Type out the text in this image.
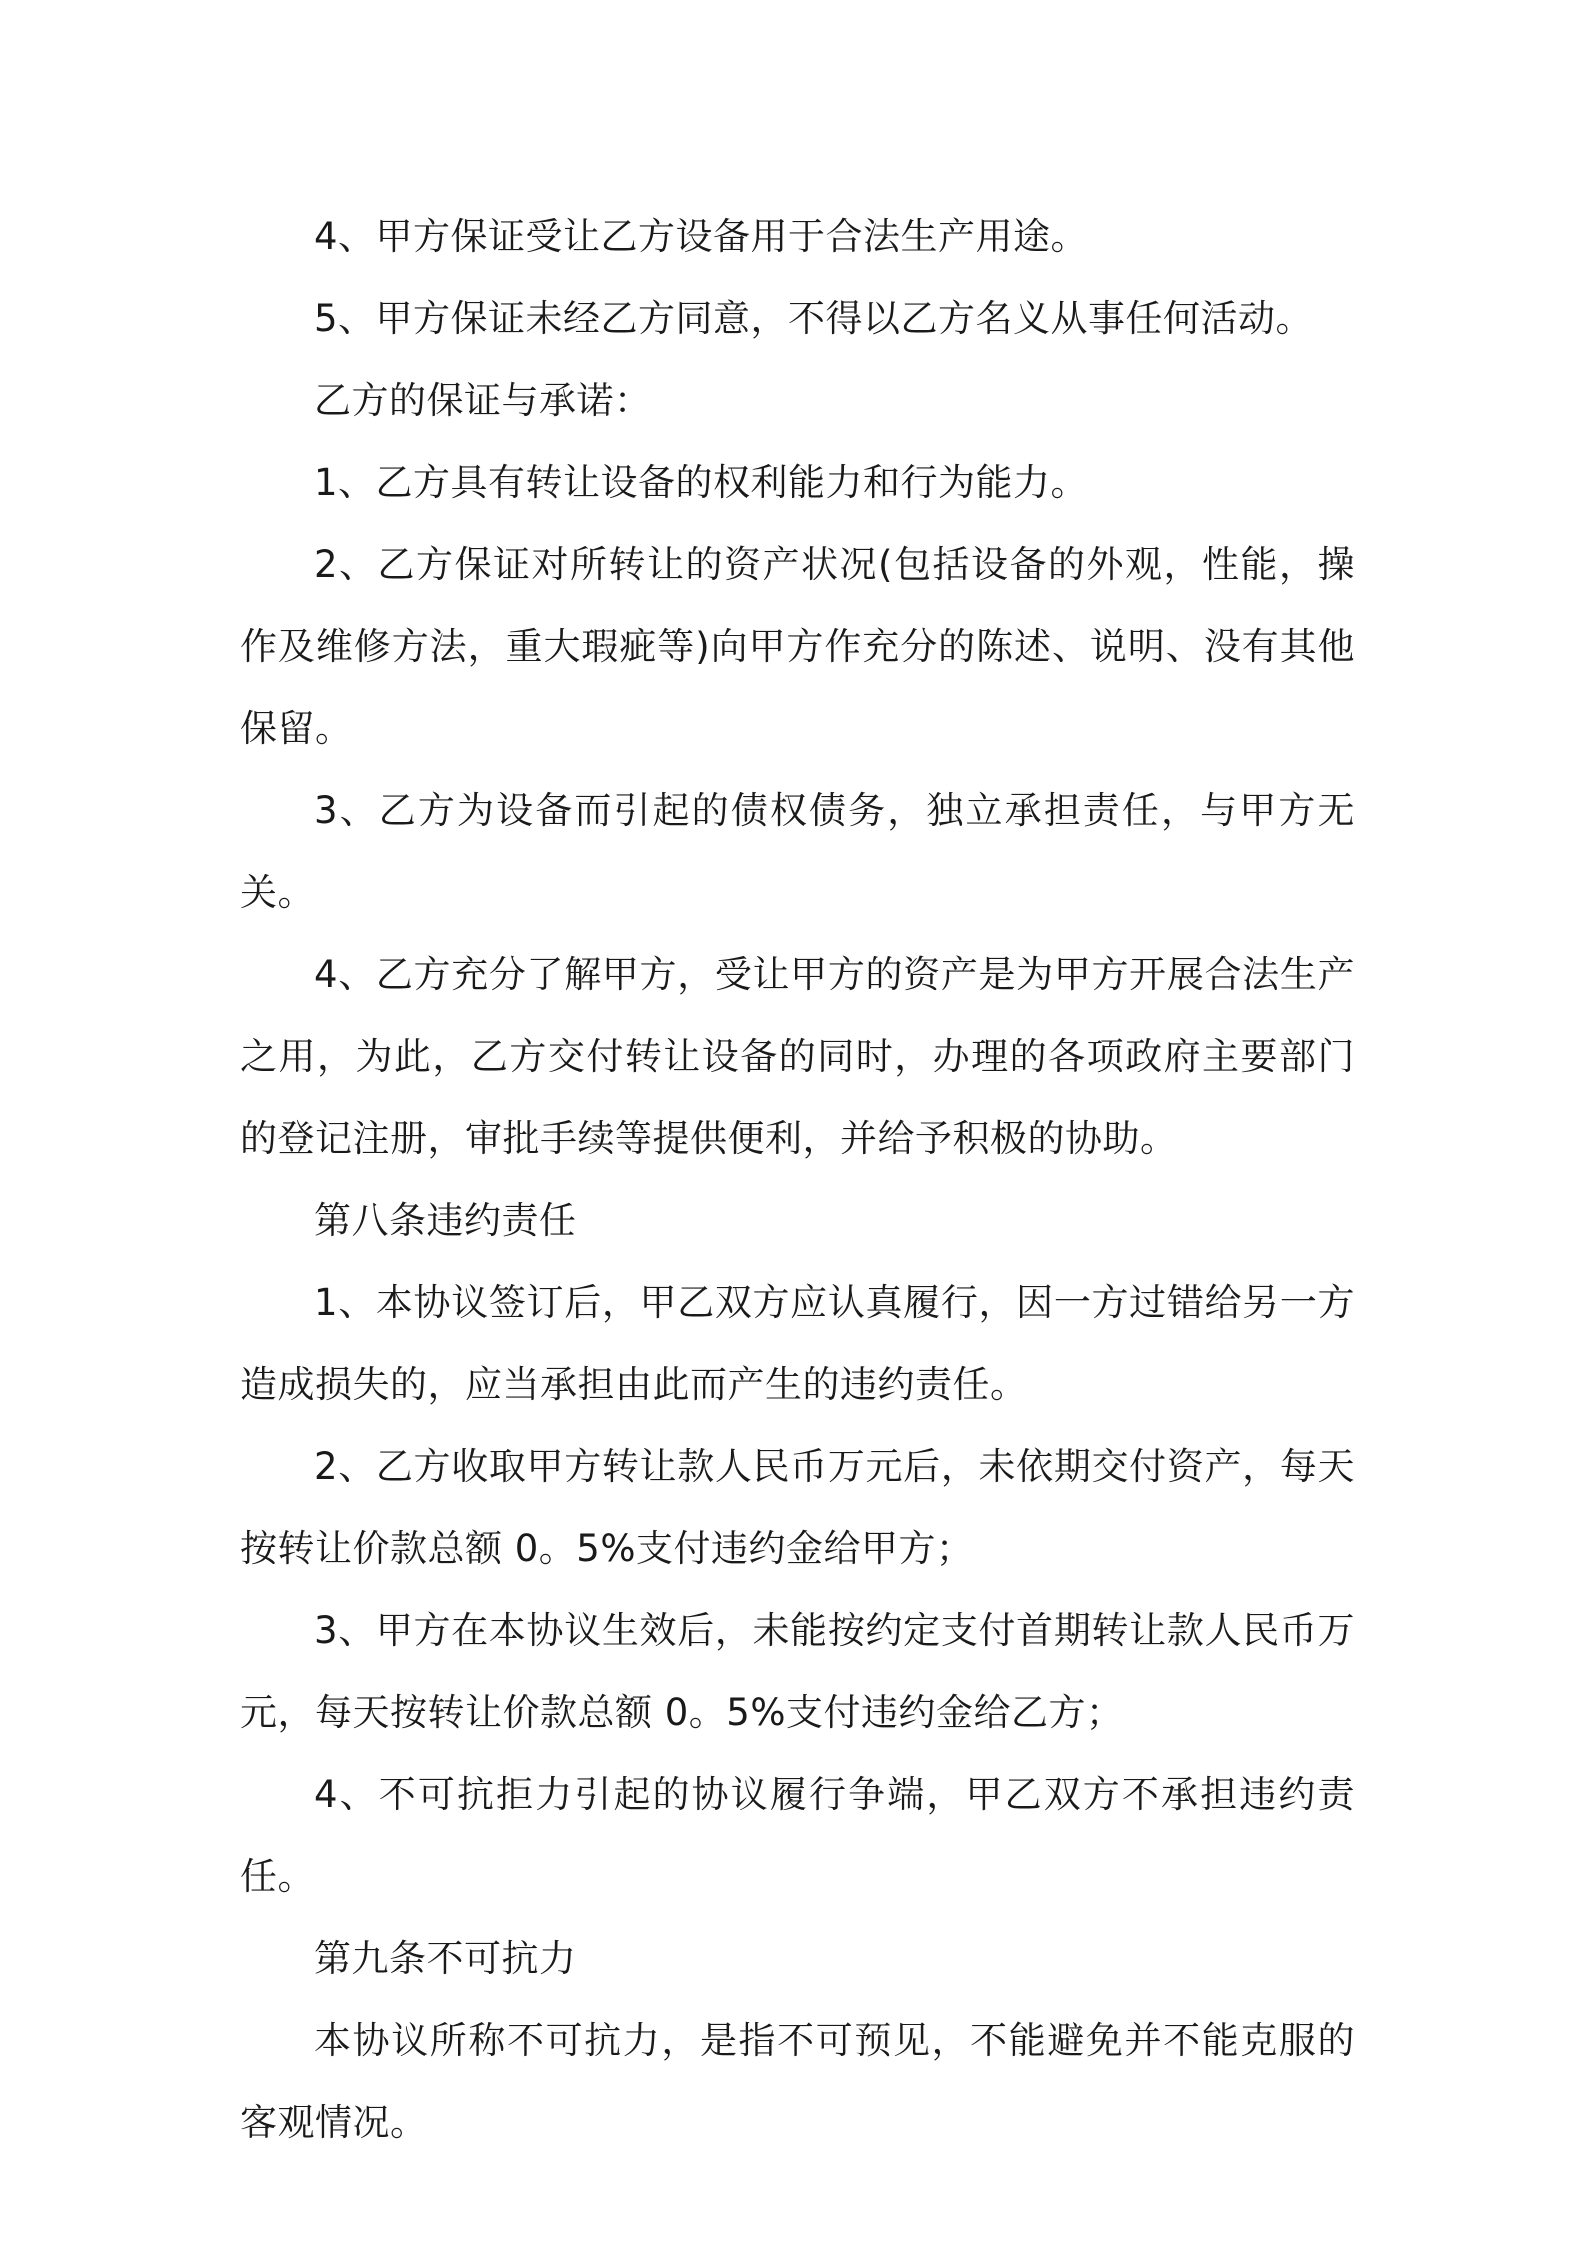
4、甲方保证受让乙方设备用于合法生产用途。

5、甲方保证未经乙方同意，不得以乙方名义从事任何活动。

乙方的保证与承诺：

1、乙方具有转让设备的权利能力和行为能力。

2、乙方保证对所转让的资产状况(包括设备的外观，性能，操作及维修方法，重大瑕疵等)向甲方作充分的陈述、说明、没有其他保留。

3、乙方为设备而引起的债权债务，独立承担责任，与甲方无关。

4、乙方充分了解甲方，受让甲方的资产是为甲方开展合法生产之用，为此，乙方交付转让设备的同时，办理的各项政府主要部门的登记注册，审批手续等提供便利，并给予积极的协助。

第八条违约责任

1、本协议签订后，甲乙双方应认真履行，因一方过错给另一方造成损失的，应当承担由此而产生的违约责任。

2、乙方收取甲方转让款人民币万元后，未依期交付资产，每天按转让价款总额 0。5%支付违约金给甲方；

3、甲方在本协议生效后，未能按约定支付首期转让款人民币万元，每天按转让价款总额 0。5%支付违约金给乙方；

4、不可抗拒力引起的协议履行争端，甲乙双方不承担违约责任。

第九条不可抗力

本协议所称不可抗力，是指不可预见，不能避免并不能克服的客观情况。
